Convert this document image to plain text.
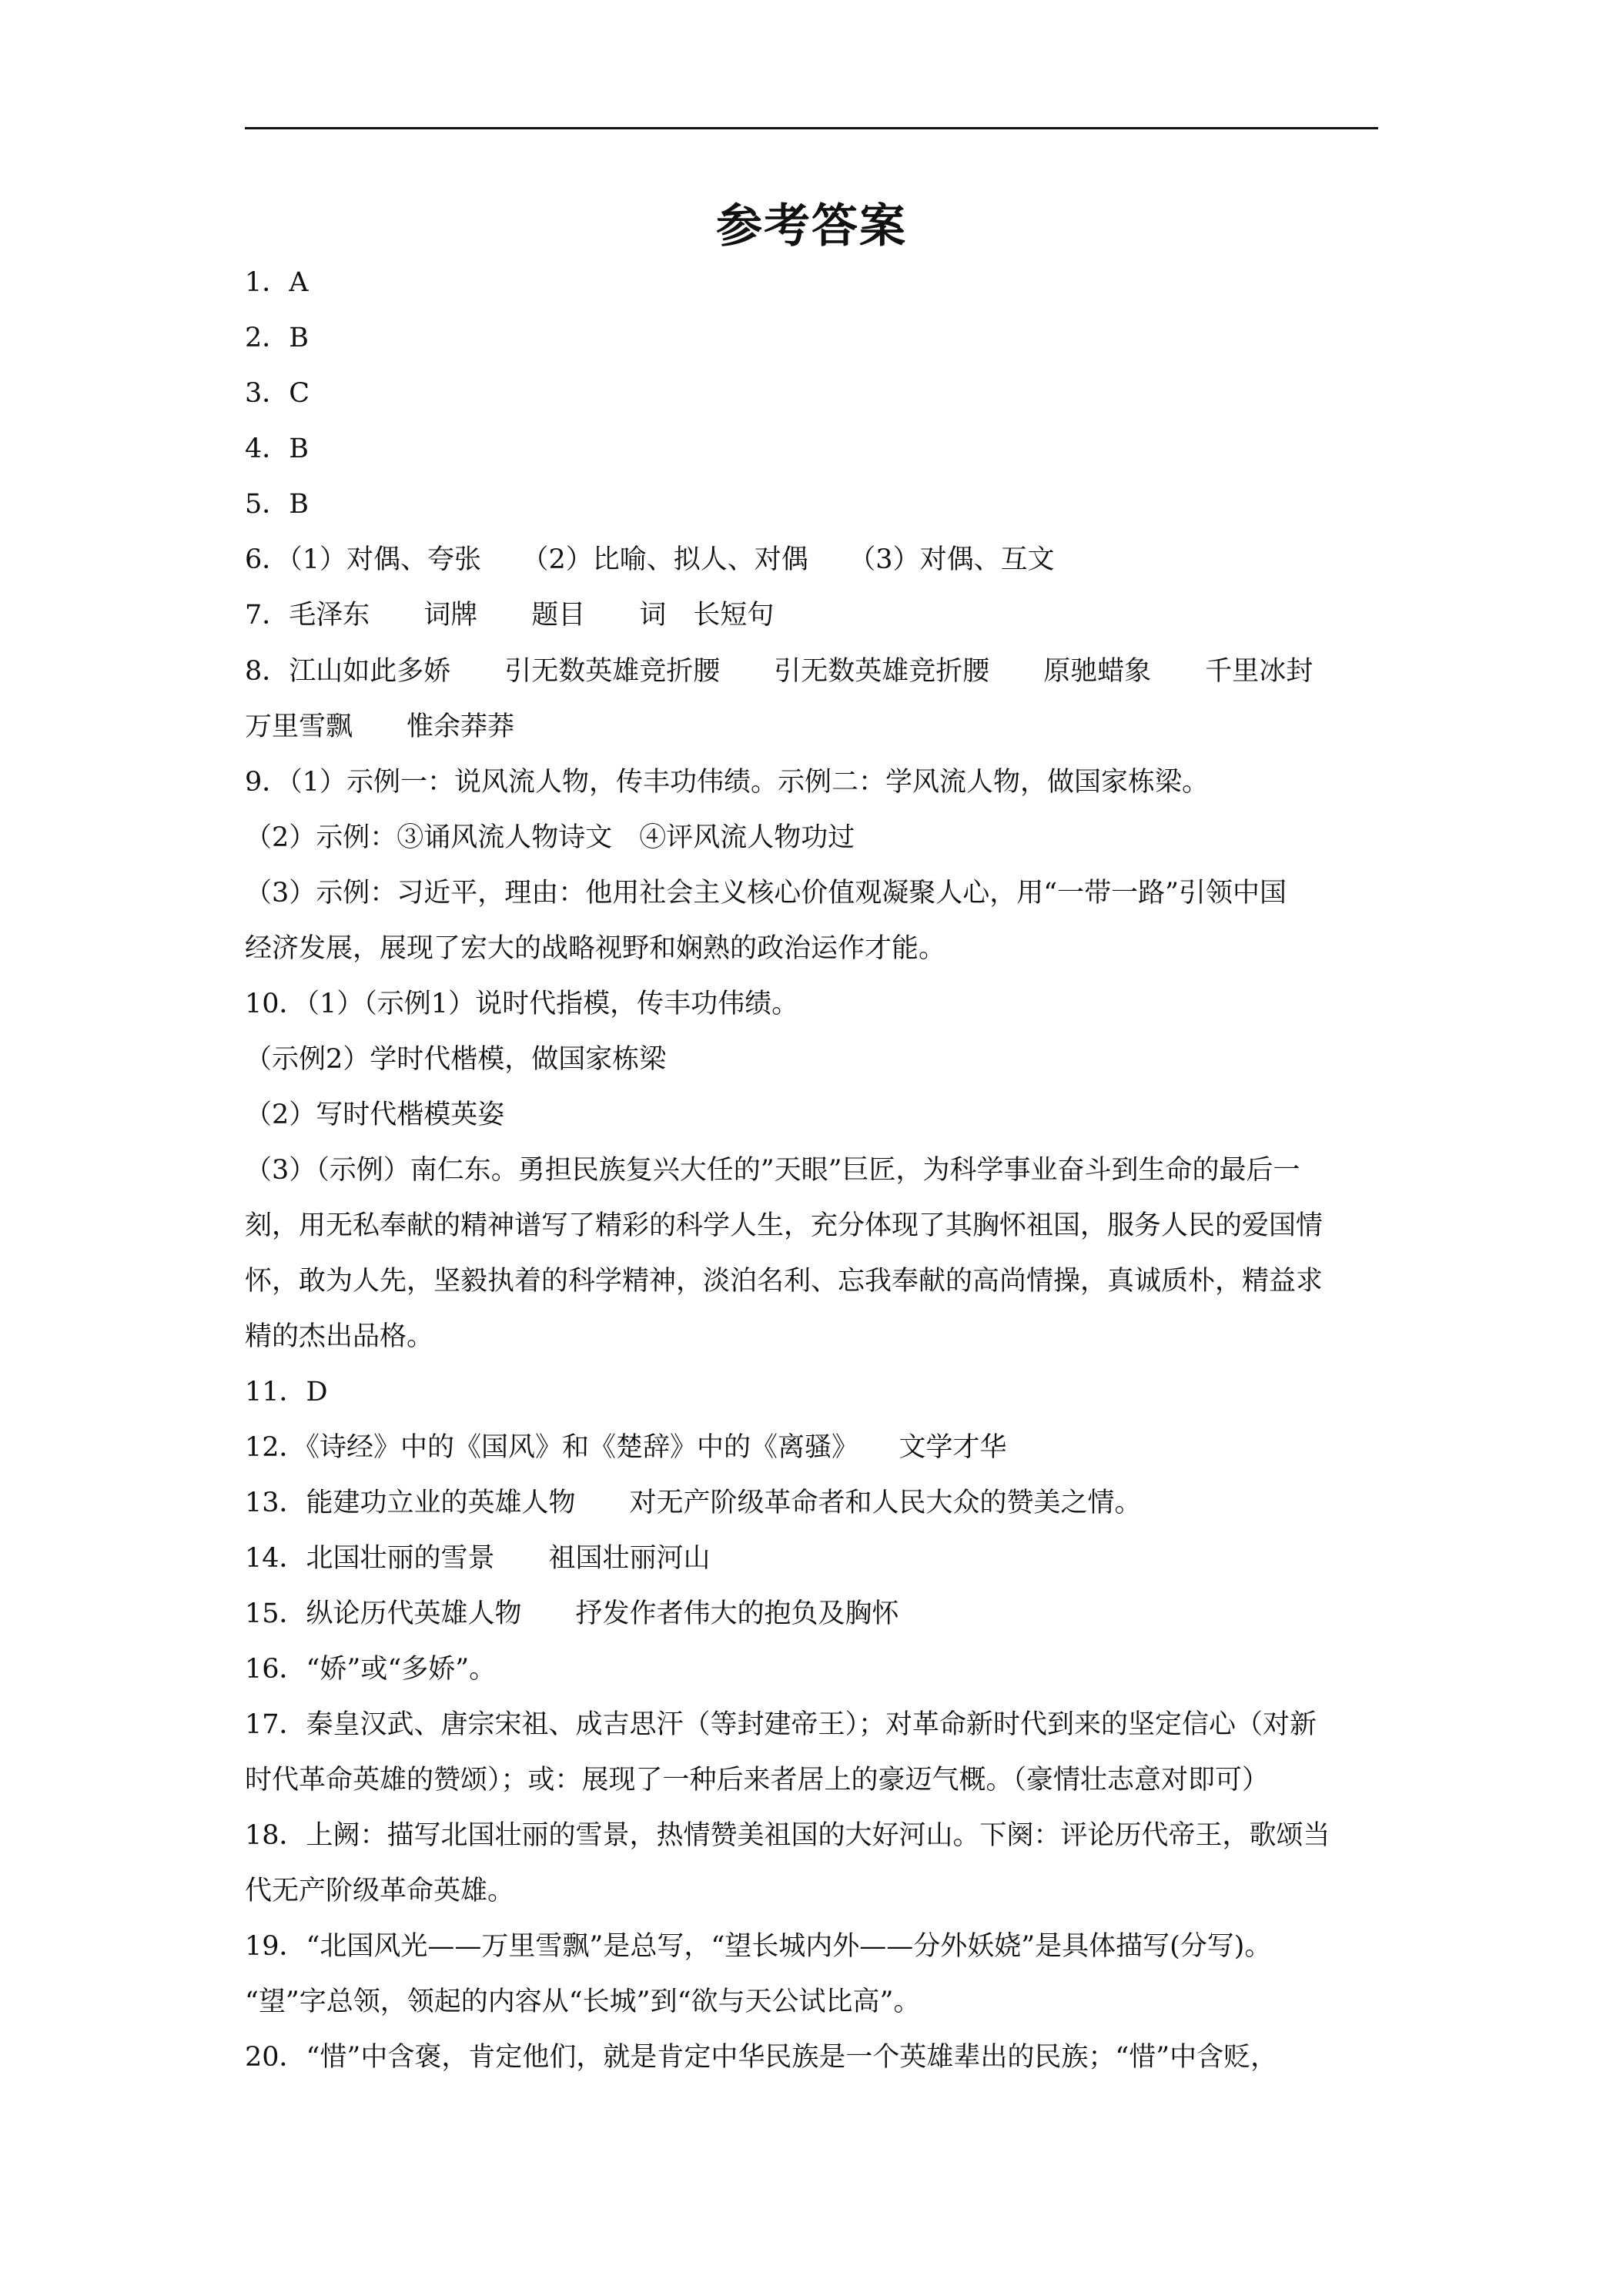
参考答案
1．A
2．B
3．C
4．B
5．B
6．（1）对偶、夸张　　（2）比喻、拟人、对偶　　（3）对偶、互文
7．毛泽东　　词牌　　题目　　词　长短句
8．江山如此多娇　　引无数英雄竞折腰　　引无数英雄竞折腰　　原驰蜡象　　千里冰封
万里雪飘　　惟余莽莽
9．（1）示例一：说风流人物，传丰功伟绩。示例二：学风流人物，做国家栋梁。
（2）示例：③诵风流人物诗文　④评风流人物功过
（3）示例：习近平，理由：他用社会主义核心价值观凝聚人心，用“一带一路”引领中国
经济发展，展现了宏大的战略视野和娴熟的政治运作才能。
10．（1）（示例1）说时代指模，传丰功伟绩。
（示例2）学时代楷模，做国家栋梁
（2）写时代楷模英姿
（3）（示例）南仁东。勇担民族复兴大任的”天眼”巨匠，为科学事业奋斗到生命的最后一
刻，用无私奉献的精神谱写了精彩的科学人生，充分体现了其胸怀祖国，服务人民的爱国情
怀，敢为人先，坚毅执着的科学精神，淡泊名利、忘我奉献的高尚情操，真诚质朴，精益求
精的杰出品格。
11．D
12．《诗经》中的《国风》和《楚辞》中的《离骚》　　文学才华
13．能建功立业的英雄人物　　对无产阶级革命者和人民大众的赞美之情。
14．北国壮丽的雪景　　祖国壮丽河山
15．纵论历代英雄人物　　抒发作者伟大的抱负及胸怀
16．“娇”或“多娇”。
17．秦皇汉武、唐宗宋祖、成吉思汗（等封建帝王）；对革命新时代到来的坚定信心（对新
时代革命英雄的赞颂）；或：展现了一种后来者居上的豪迈气概。（豪情壮志意对即可）
18．上阙：描写北国壮丽的雪景，热情赞美祖国的大好河山。下阕：评论历代帝王，歌颂当
代无产阶级革命英雄。
19．“北国风光——万里雪飘”是总写，“望长城内外——分外妖娆”是具体描写(分写)。
“望”字总领，领起的内容从“长城”到“欲与天公试比高”。
20．“惜”中含褒，肯定他们，就是肯定中华民族是一个英雄辈出的民族；“惜”中含贬，
